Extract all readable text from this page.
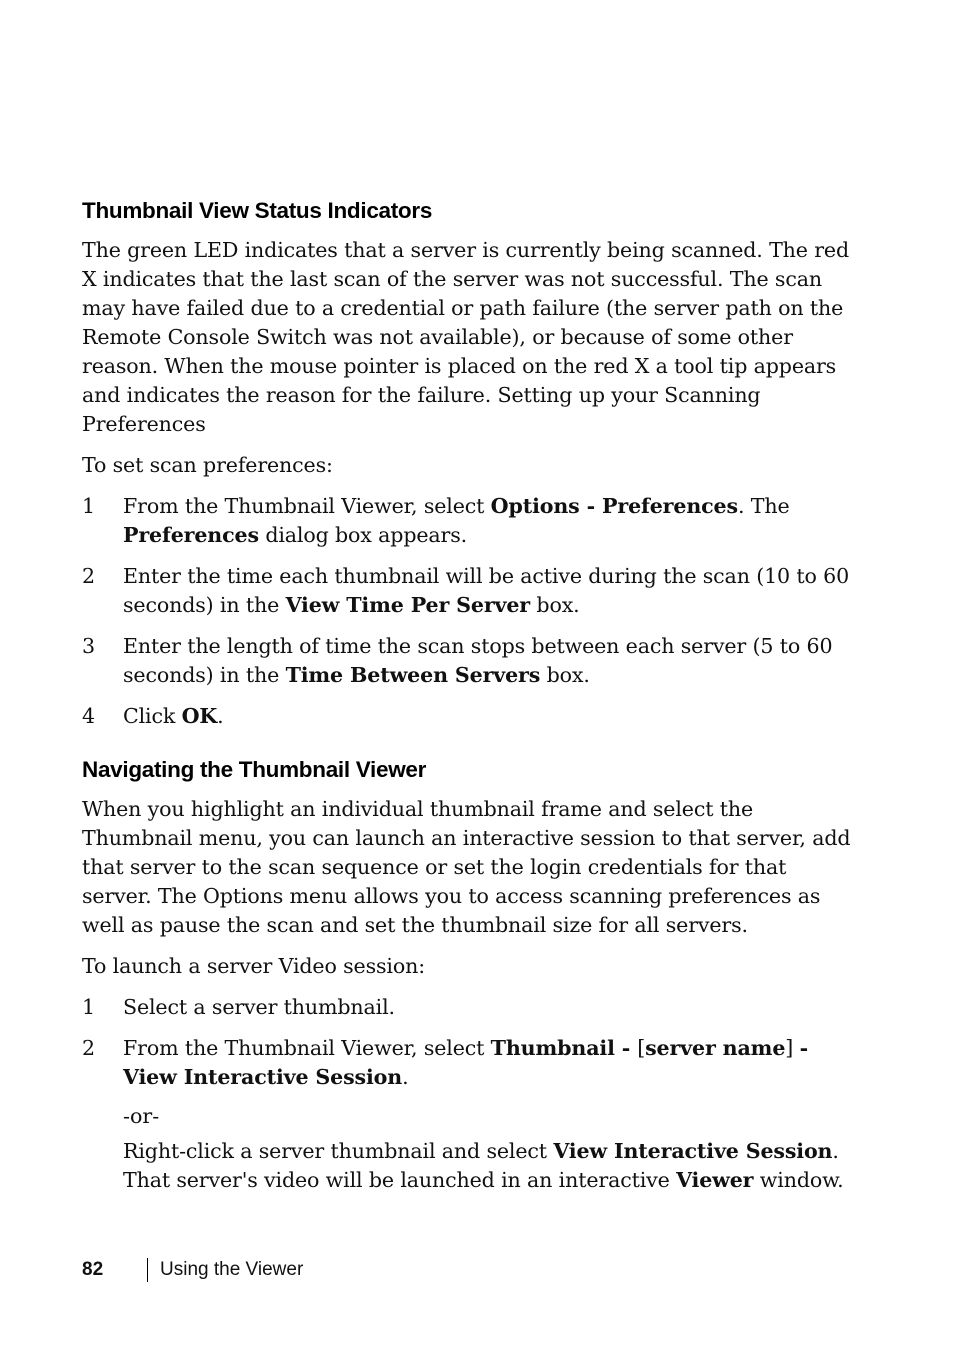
Thumbnail View Status Indicators

The green LED indicates that a server is currently being scanned. The red X indicates that the last scan of the server was not successful. The scan may have failed due to a credential or path failure (the server path on the Remote Console Switch was not available), or because of some other reason. When the mouse pointer is placed on the red X a tool tip appears and indicates the reason for the failure. Setting up your Scanning Preferences

To set scan preferences:

1	From the Thumbnail Viewer, select Options - Preferences. The Preferences dialog box appears.
2	Enter the time each thumbnail will be active during the scan (10 to 60 seconds) in the View Time Per Server box.
3	Enter the length of time the scan stops between each server (5 to 60 seconds) in the Time Between Servers box.
4	Click OK.
Navigating the Thumbnail Viewer

When you highlight an individual thumbnail frame and select the Thumbnail menu, you can launch an interactive session to that server, add that server to the scan sequence or set the login credentials for that server. The Options menu allows you to access scanning preferences as well as pause the scan and set the thumbnail size for all servers.

To launch a server Video session:

1	Select a server thumbnail.
2	From the Thumbnail Viewer, select Thumbnail - [server name] - View Interactive Session.
-or-
Right-click a server thumbnail and select View Interactive Session.
That server's video will be launched in an interactive Viewer window.
82	Using the Viewer
